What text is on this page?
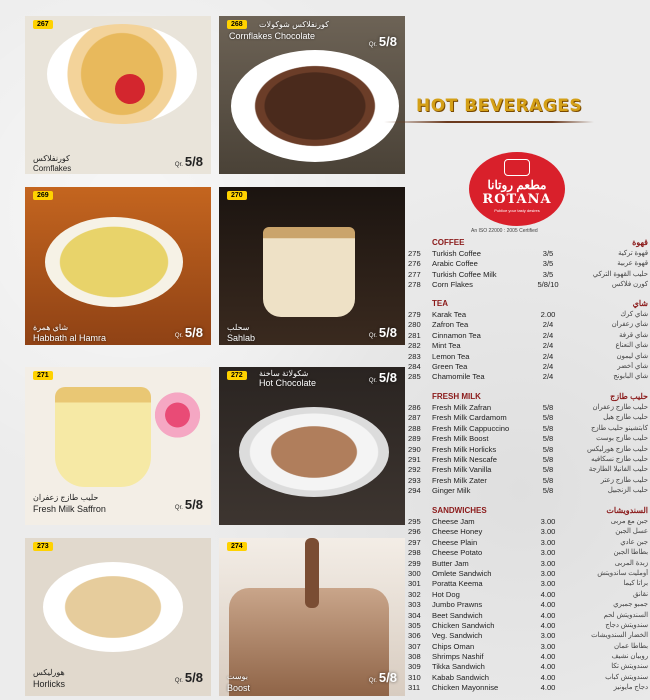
267
كورنفلاكس
Cornflakes	Qr. 5/8
268	كورنفلاكس شوكولات
Cornflakes Chocolate
Qr. 5/8
269
شاي همرة
Habbath al Hamra	Qr. 5/8
270
سحلب
Sahlab	Qr. 5/8
271
حليب طازج زعفران
Fresh Milk Saffron	Qr. 5/8
272	شكولاتة ساخنة
Hot Chocolate	Qr. 5/8
273
هورليكس
Horlicks	Qr. 5/8
274
بوست
Boost
Qr. 5/8
HOT BEVERAGES
مطعم روتانا
ROTANA
Publice your tasty desires
An ISO 22000 : 2005 Certified
COFFEE	قهوة
275	Turkish Coffee	3/5	قهوة تركية
276	Arabic Coffee	3/5	قهوة عربية
277	Turkish Coffee Milk	3/5	حليب القهوة التركي
278	Corn Flakes	5/8/10	كورن فلاكس
TEA	شاي
279	Karak Tea	2.00	شاي كرك
280	Zafron Tea	2/4	شاي زعفران
281	Cinnamon Tea	2/4	شاي قرفة
282	Mint Tea	2/4	شاي النعناع
283	Lemon Tea	2/4	شاي ليمون
284	Green Tea	2/4	شاي أخضر
285	Chamomile Tea	2/4	شاي البابونج
FRESH MILK	حليب طازج
286	Fresh Milk Zafran	5/8	حليب طازج زعفران
287	Fresh Milk Cardamom	5/8	حليب طازج هيل
288	Fresh Milk Cappuccino	5/8	كابتشينو حليب طازج
289	Fresh Milk Boost	5/8	حليب طازج بوست
290	Fresh Milk Horlicks	5/8	حليب طازج هورليكس
291	Fresh Milk Nescafe	5/8	حليب طازج نسكافيه
292	Fresh Milk Vanilla	5/8	حليب الفانيلا الطازجة
293	Fresh Milk Zater	5/8	حليب طازج زعتر
294	Ginger Milk	5/8	حليب الزنجبيل
SANDWICHES	السندويشات
295	Cheese Jam	3.00	جبن مع مربى
296	Cheese Honey	3.00	عسل الجبن
297	Cheese Plain	3.00	جبن عادي
298	Cheese Potato	3.00	بطاطا الجبن
299	Butter Jam	3.00	زبدة المربى
300	Omlete Sandwich	3.00	أومليت ساندويتش
301	Poratta Keema	3.00	براتا كيما
302	Hot Dog	4.00	نقانق
303	Jumbo Prawns	4.00	جمبو جمبري
304	Beet Sandwich	4.00	السندويتش لحم
305	Chicken Sandwich	4.00	سندويتش دجاج
306	Veg. Sandwich	3.00	الخضار السندويشات
307	Chips Oman	3.00	بطاطا عمان
308	Shrimps Nashif	4.00	روبيان نشيف
309	Tikka Sandwich	4.00	سندويتش تكا
310	Kabab Sandwich	4.00	سندويتش كباب
311	Chicken Mayonnise	4.00	دجاج مايونيز
